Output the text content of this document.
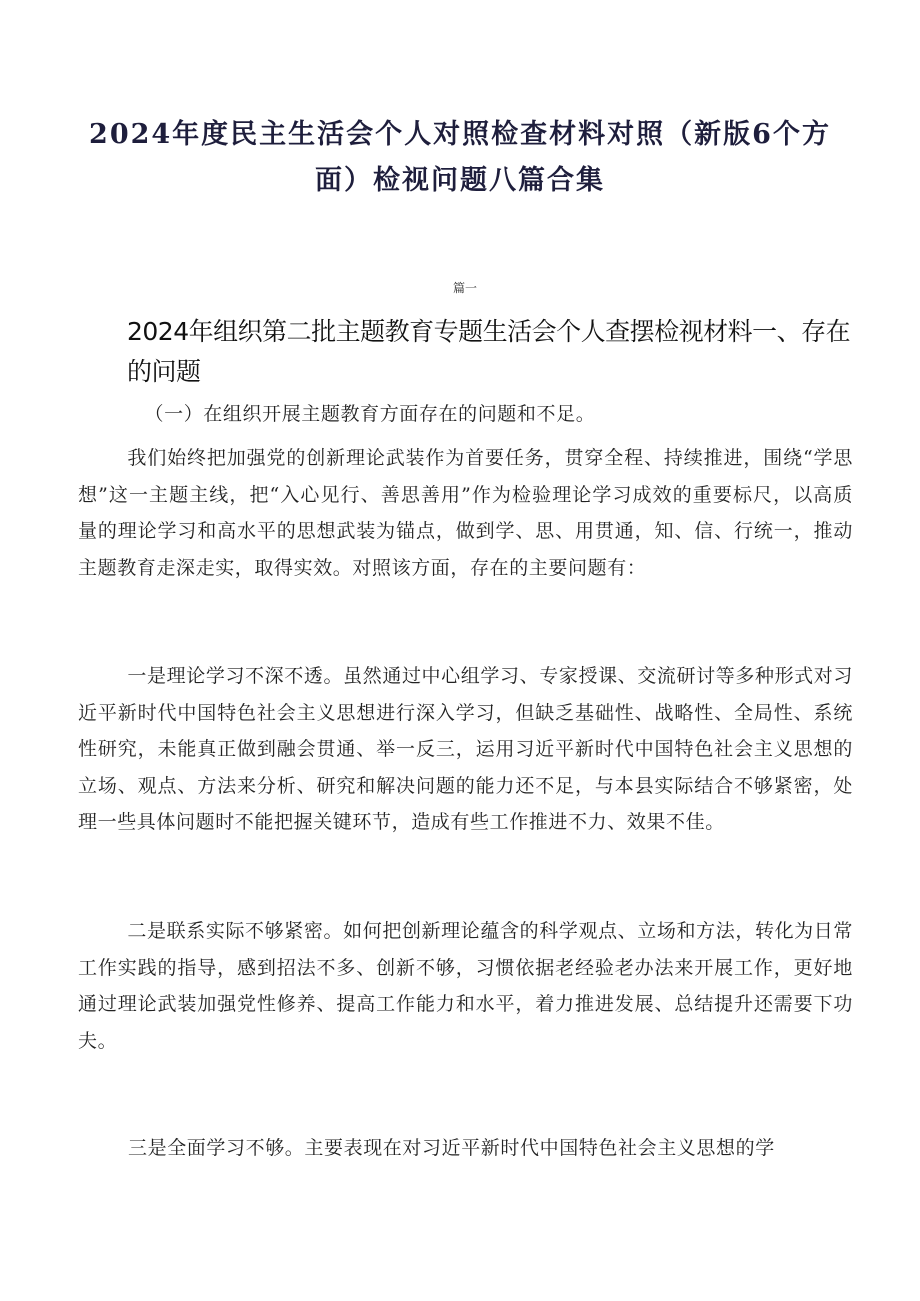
2024年度民主生活会个人对照检查材料对照（新版6个方面）检视问题八篇合集
篇一
2024年组织第二批主题教育专题生活会个人查摆检视材料一、存在的问题

（一）在组织开展主题教育方面存在的问题和不足。

我们始终把加强党的创新理论武装作为首要任务，贯穿全程、持续推进，围绕“学思想”这一主题主线，把“入心见行、善思善用”作为检验理论学习成效的重要标尺，以高质量的理论学习和高水平的思想武装为锚点，做到学、思、用贯通，知、信、行统一，推动主题教育走深走实，取得实效。对照该方面，存在的主要问题有：

一是理论学习不深不透。虽然通过中心组学习、专家授课、交流研讨等多种形式对习近平新时代中国特色社会主义思想进行深入学习，但缺乏基础性、战略性、全局性、系统性研究，未能真正做到融会贯通、举一反三，运用习近平新时代中国特色社会主义思想的立场、观点、方法来分析、研究和解决问题的能力还不足，与本县实际结合不够紧密，处理一些具体问题时不能把握关键环节，造成有些工作推进不力、效果不佳。

二是联系实际不够紧密。如何把创新理论蕴含的科学观点、立场和方法，转化为日常工作实践的指导，感到招法不多、创新不够，习惯依据老经验老办法来开展工作，更好地通过理论武装加强党性修养、提高工作能力和水平，着力推进发展、总结提升还需要下功夫。

三是全面学习不够。主要表现在对习近平新时代中国特色社会主义思想的学
